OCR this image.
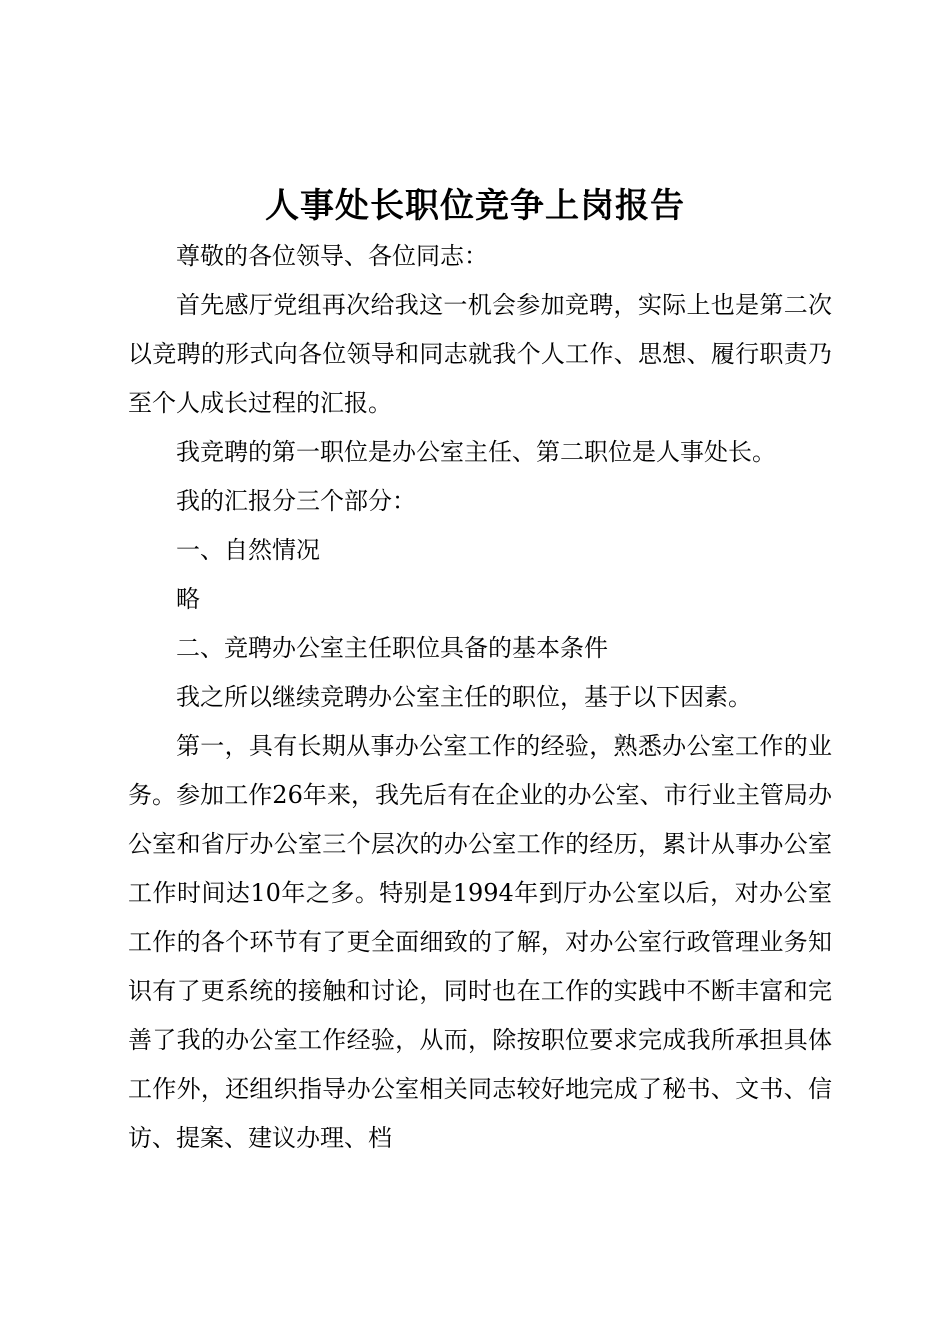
人事处长职位竞争上岗报告

尊敬的各位领导、各位同志：

首先感厅党组再次给我这一机会参加竞聘，实际上也是第二次以竞聘的形式向各位领导和同志就我个人工作、思想、履行职责乃至个人成长过程的汇报。

我竞聘的第一职位是办公室主任、第二职位是人事处长。

我的汇报分三个部分：

一、自然情况

略

二、竞聘办公室主任职位具备的基本条件

我之所以继续竞聘办公室主任的职位，基于以下因素。

第一，具有长期从事办公室工作的经验，熟悉办公室工作的业务。参加工作26年来，我先后有在企业的办公室、市行业主管局办公室和省厅办公室三个层次的办公室工作的经历，累计从事办公室工作时间达10年之多。特别是1994年到厅办公室以后，对办公室工作的各个环节有了更全面细致的了解，对办公室行政管理业务知识有了更系统的接触和讨论，同时也在工作的实践中不断丰富和完善了我的办公室工作经验，从而，除按职位要求完成我所承担具体工作外，还组织指导办公室相关同志较好地完成了秘书、文书、信访、提案、建议办理、档
